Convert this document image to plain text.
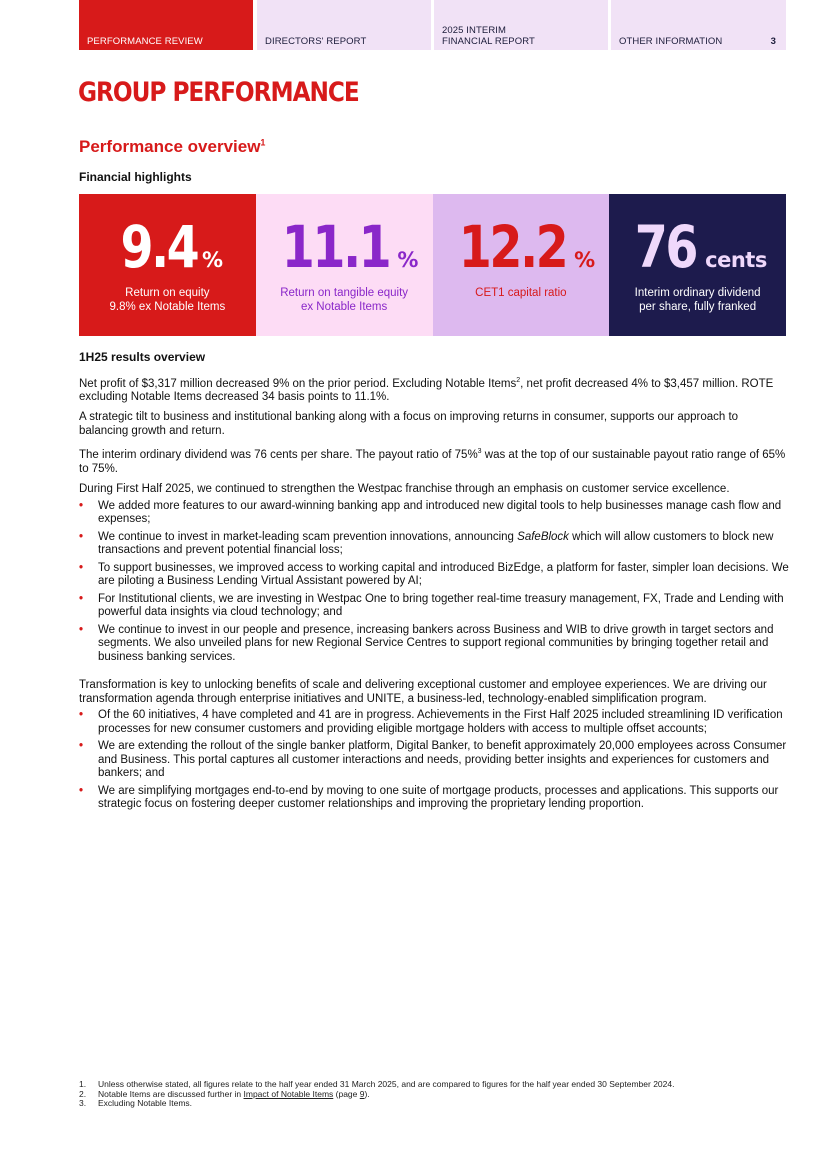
PERFORMANCE REVIEW	DIRECTORS' REPORT
2025 INTERIM
FINANCIAL REPORT	OTHER INFORMATION	3
GROUP PERFORMANCE
Performance overview$^1$
Financial highlights
9.4 %
Return on equity
9.8% ex Notable Items
11.1 %
Return on tangible equity
ex Notable Items
12.2 %
CET1 capital ratio
76 cents
Interim ordinary dividend
per share, fully franked
1H25 results overview

Net profit of $3,317 million decreased 9% on the prior period. Excluding Notable Items$^2$, net profit decreased 4% to $3,457 million. ROTE excluding Notable Items decreased 34 basis points to 11.1%.

A strategic tilt to business and institutional banking along with a focus on improving returns in consumer, supports our approach to balancing growth and return.

The interim ordinary dividend was 76 cents per share. The payout ratio of 75%$^3$ was at the top of our sustainable payout ratio range of 65% to 75%.

During First Half 2025, we continued to strengthen the Westpac franchise through an emphasis on customer service excellence.

• We added more features to our award-winning banking app and introduced new digital tools to help businesses manage cash flow and expenses;
• We continue to invest in market-leading scam prevention innovations, announcing SafeBlock which will allow customers to block new transactions and prevent potential financial loss;
• To support businesses, we improved access to working capital and introduced BizEdge, a platform for faster, simpler loan decisions. We are piloting a Business Lending Virtual Assistant powered by AI;
• For Institutional clients, we are investing in Westpac One to bring together real-time treasury management, FX, Trade and Lending with powerful data insights via cloud technology; and
• We continue to invest in our people and presence, increasing bankers across Business and WIB to drive growth in target sectors and segments. We also unveiled plans for new Regional Service Centres to support regional communities by bringing together retail and business banking services.

Transformation is key to unlocking benefits of scale and delivering exceptional customer and employee experiences. We are driving our transformation agenda through enterprise initiatives and UNITE, a business-led, technology-enabled simplification program.

• Of the 60 initiatives, 4 have completed and 41 are in progress. Achievements in the First Half 2025 included streamlining ID verification processes for new consumer customers and providing eligible mortgage holders with access to multiple offset accounts;
• We are extending the rollout of the single banker platform, Digital Banker, to benefit approximately 20,000 employees across Consumer and Business. This portal captures all customer interactions and needs, providing better insights and experiences for customers and bankers; and
• We are simplifying mortgages end-to-end by moving to one suite of mortgage products, processes and applications. This supports our strategic focus on fostering deeper customer relationships and improving the proprietary lending proportion.
1. Unless otherwise stated, all figures relate to the half year ended 31 March 2025, and are compared to figures for the half year ended 30 September 2024.
2. Notable Items are discussed further in Impact of Notable Items (page 9).
3. Excluding Notable Items.
